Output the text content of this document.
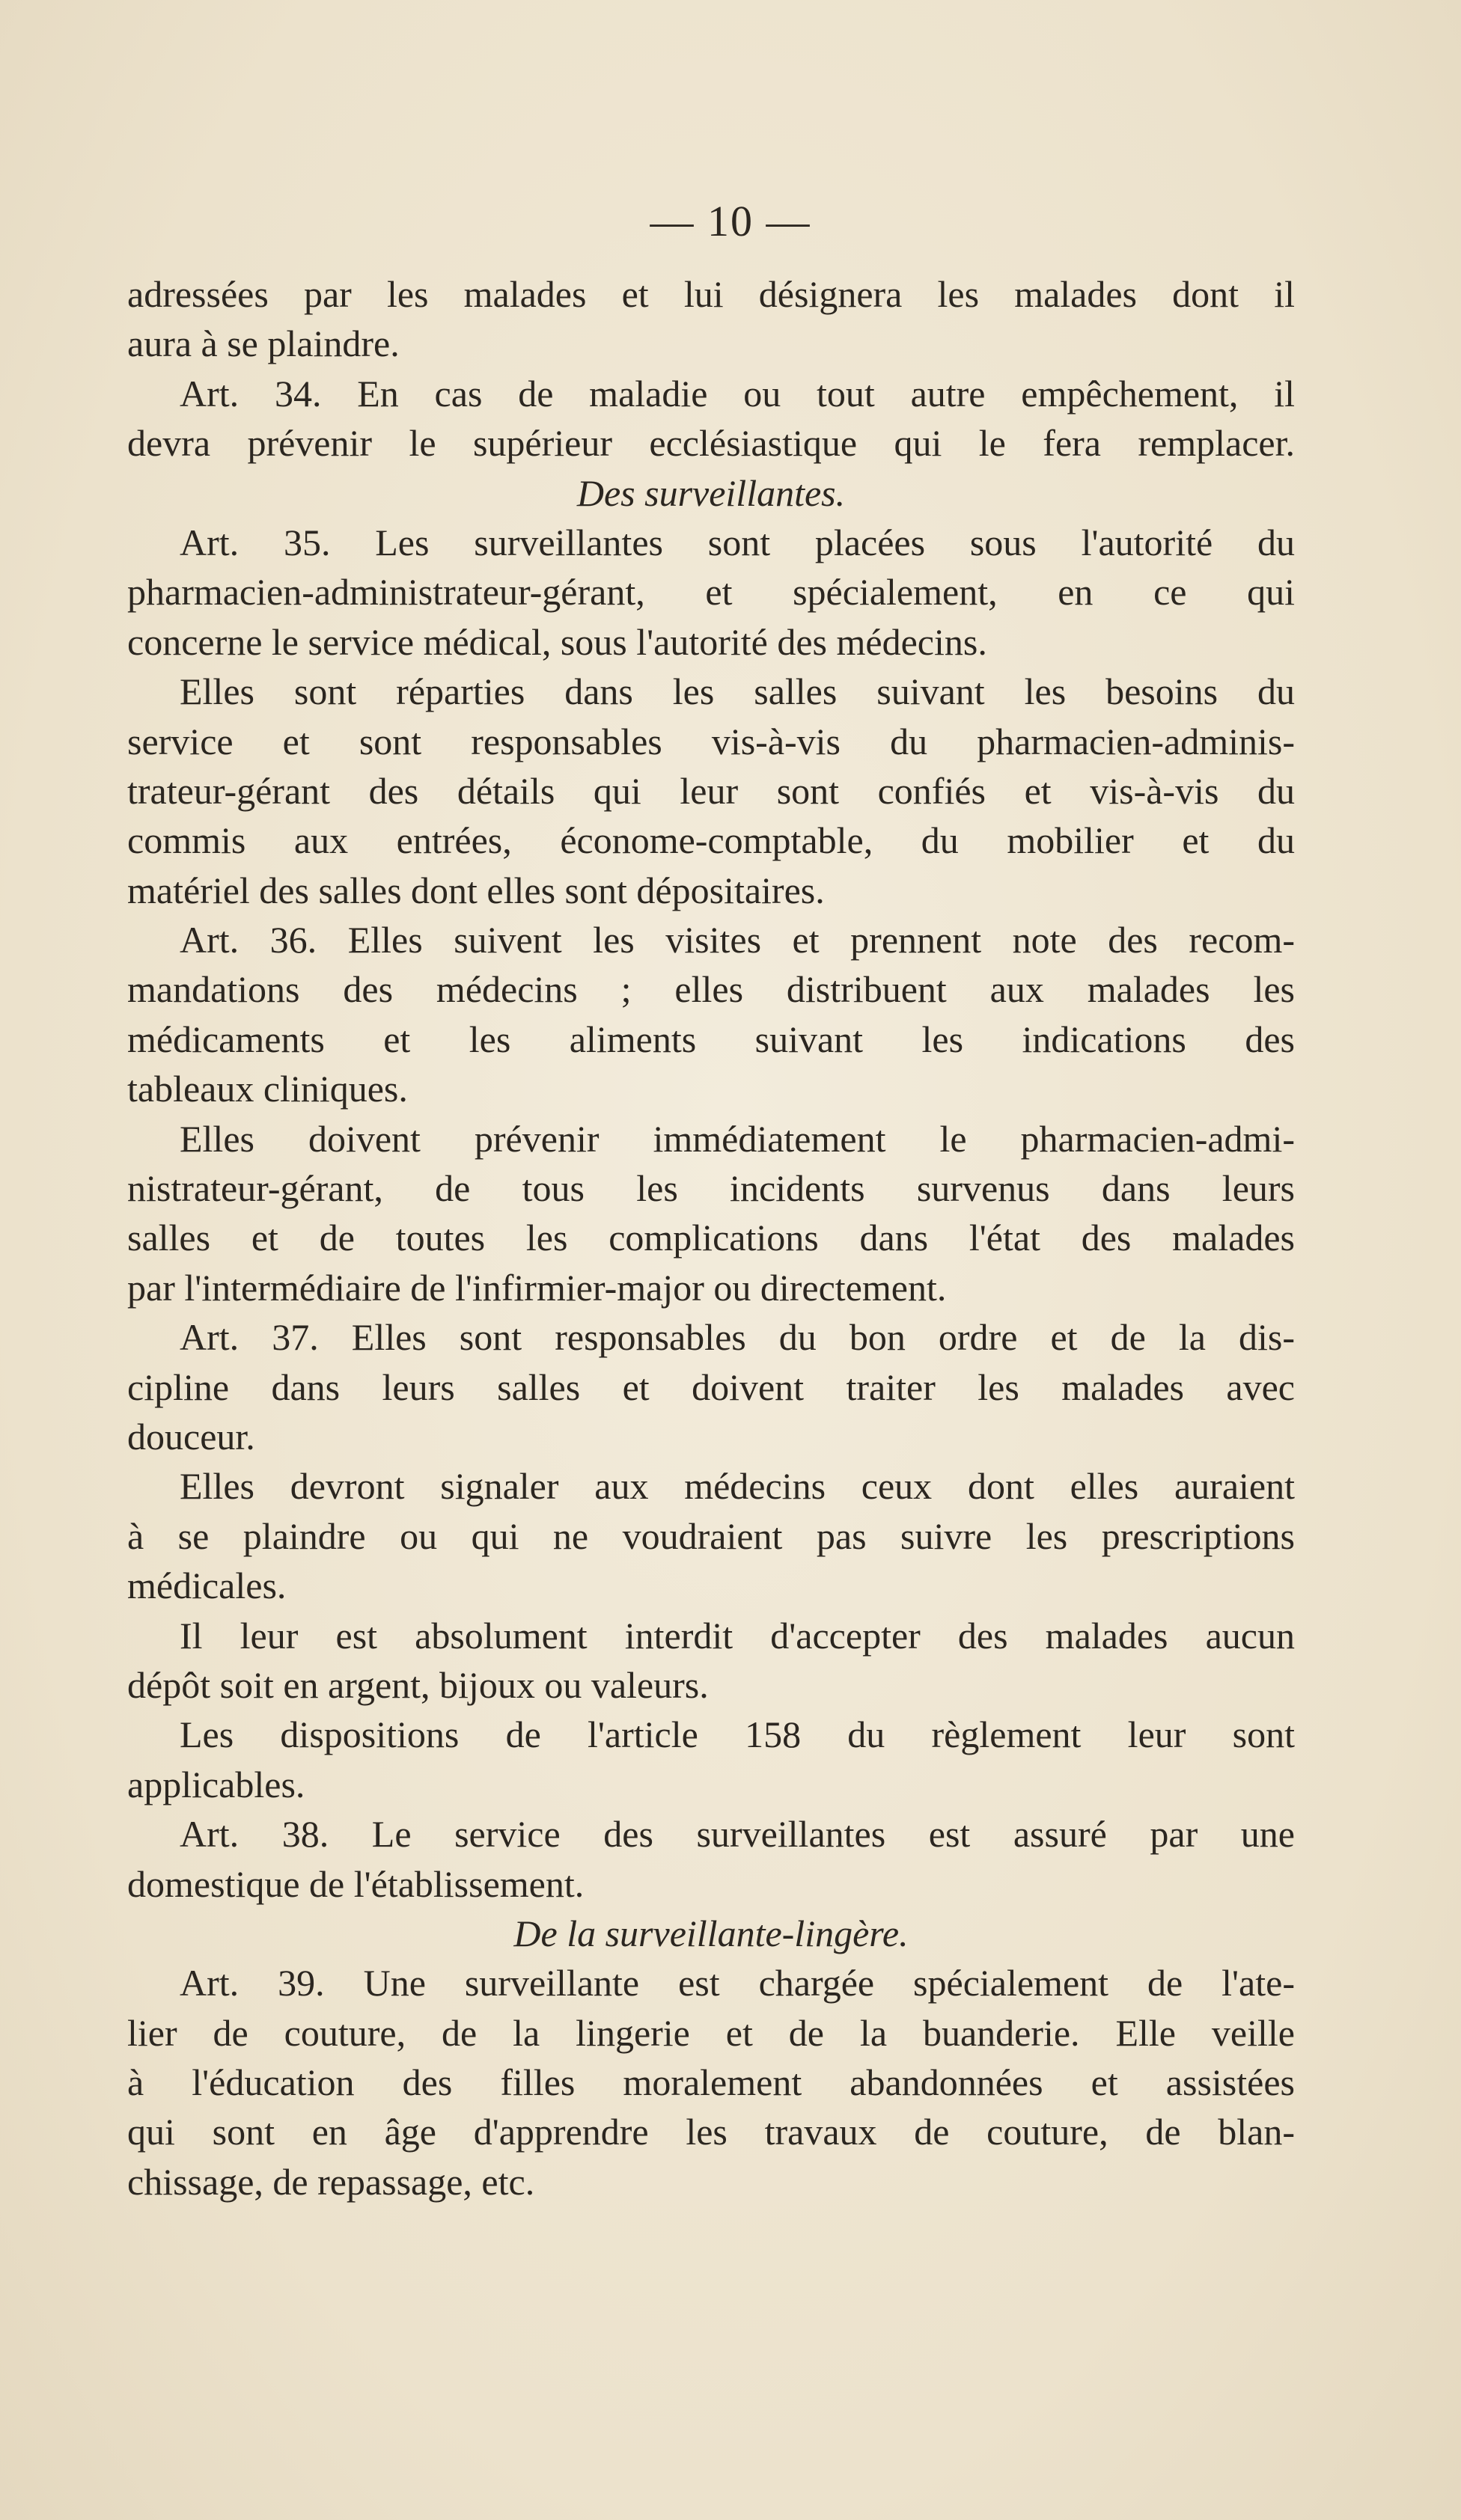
— 10 —
adressées par les malades et lui désignera les malades dont il
aura à se plaindre.
Art. 34. En cas de maladie ou tout autre empêchement, il
devra prévenir le supérieur ecclésiastique qui le fera remplacer.
Des surveillantes.
Art. 35. Les surveillantes sont placées sous l'autorité du
pharmacien-administrateur-gérant, et spécialement, en ce qui
concerne le service médical, sous l'autorité des médecins.
Elles sont réparties dans les salles suivant les besoins du
service et sont responsables vis-à-vis du pharmacien-adminis-
trateur-gérant des détails qui leur sont confiés et vis-à-vis du
commis aux entrées, économe-comptable, du mobilier et du
matériel des salles dont elles sont dépositaires.
Art. 36. Elles suivent les visites et prennent note des recom-
mandations des médecins ; elles distribuent aux malades les
médicaments et les aliments suivant les indications des
tableaux cliniques.
Elles doivent prévenir immédiatement le pharmacien-admi-
nistrateur-gérant, de tous les incidents survenus dans leurs
salles et de toutes les complications dans l'état des malades
par l'intermédiaire de l'infirmier-major ou directement.
Art. 37. Elles sont responsables du bon ordre et de la dis-
cipline dans leurs salles et doivent traiter les malades avec
douceur.
Elles devront signaler aux médecins ceux dont elles auraient
à se plaindre ou qui ne voudraient pas suivre les prescriptions
médicales.
Il leur est absolument interdit d'accepter des malades aucun
dépôt soit en argent, bijoux ou valeurs.
Les dispositions de l'article 158 du règlement leur sont
applicables.
Art. 38. Le service des surveillantes est assuré par une
domestique de l'établissement.
De la surveillante-lingère.
Art. 39. Une surveillante est chargée spécialement de l'ate-
lier de couture, de la lingerie et de la buanderie. Elle veille
à l'éducation des filles moralement abandonnées et assistées
qui sont en âge d'apprendre les travaux de couture, de blan-
chissage, de repassage, etc.
